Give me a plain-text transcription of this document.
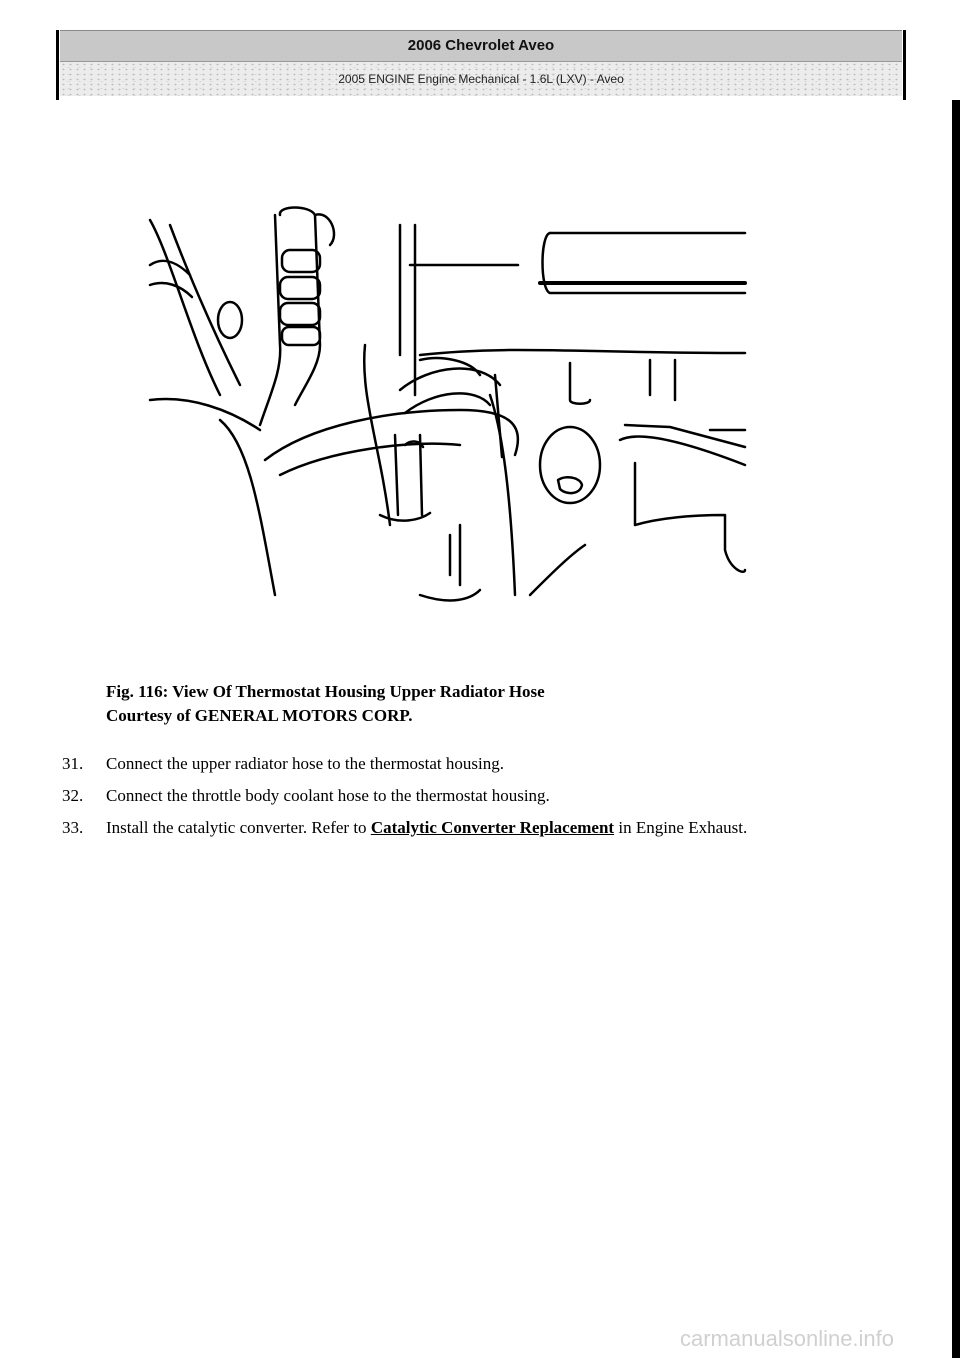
2006 Chevrolet Aveo
2005 ENGINE Engine Mechanical - 1.6L (LXV) - Aveo
Fig. 116: View Of Thermostat Housing Upper Radiator Hose
Courtesy of GENERAL MOTORS CORP.
31. Connect the upper radiator hose to the thermostat housing.
32. Connect the throttle body coolant hose to the thermostat housing.
33. Install the catalytic converter. Refer to Catalytic Converter Replacement in Engine Exhaust.
carmanualsonline.info
